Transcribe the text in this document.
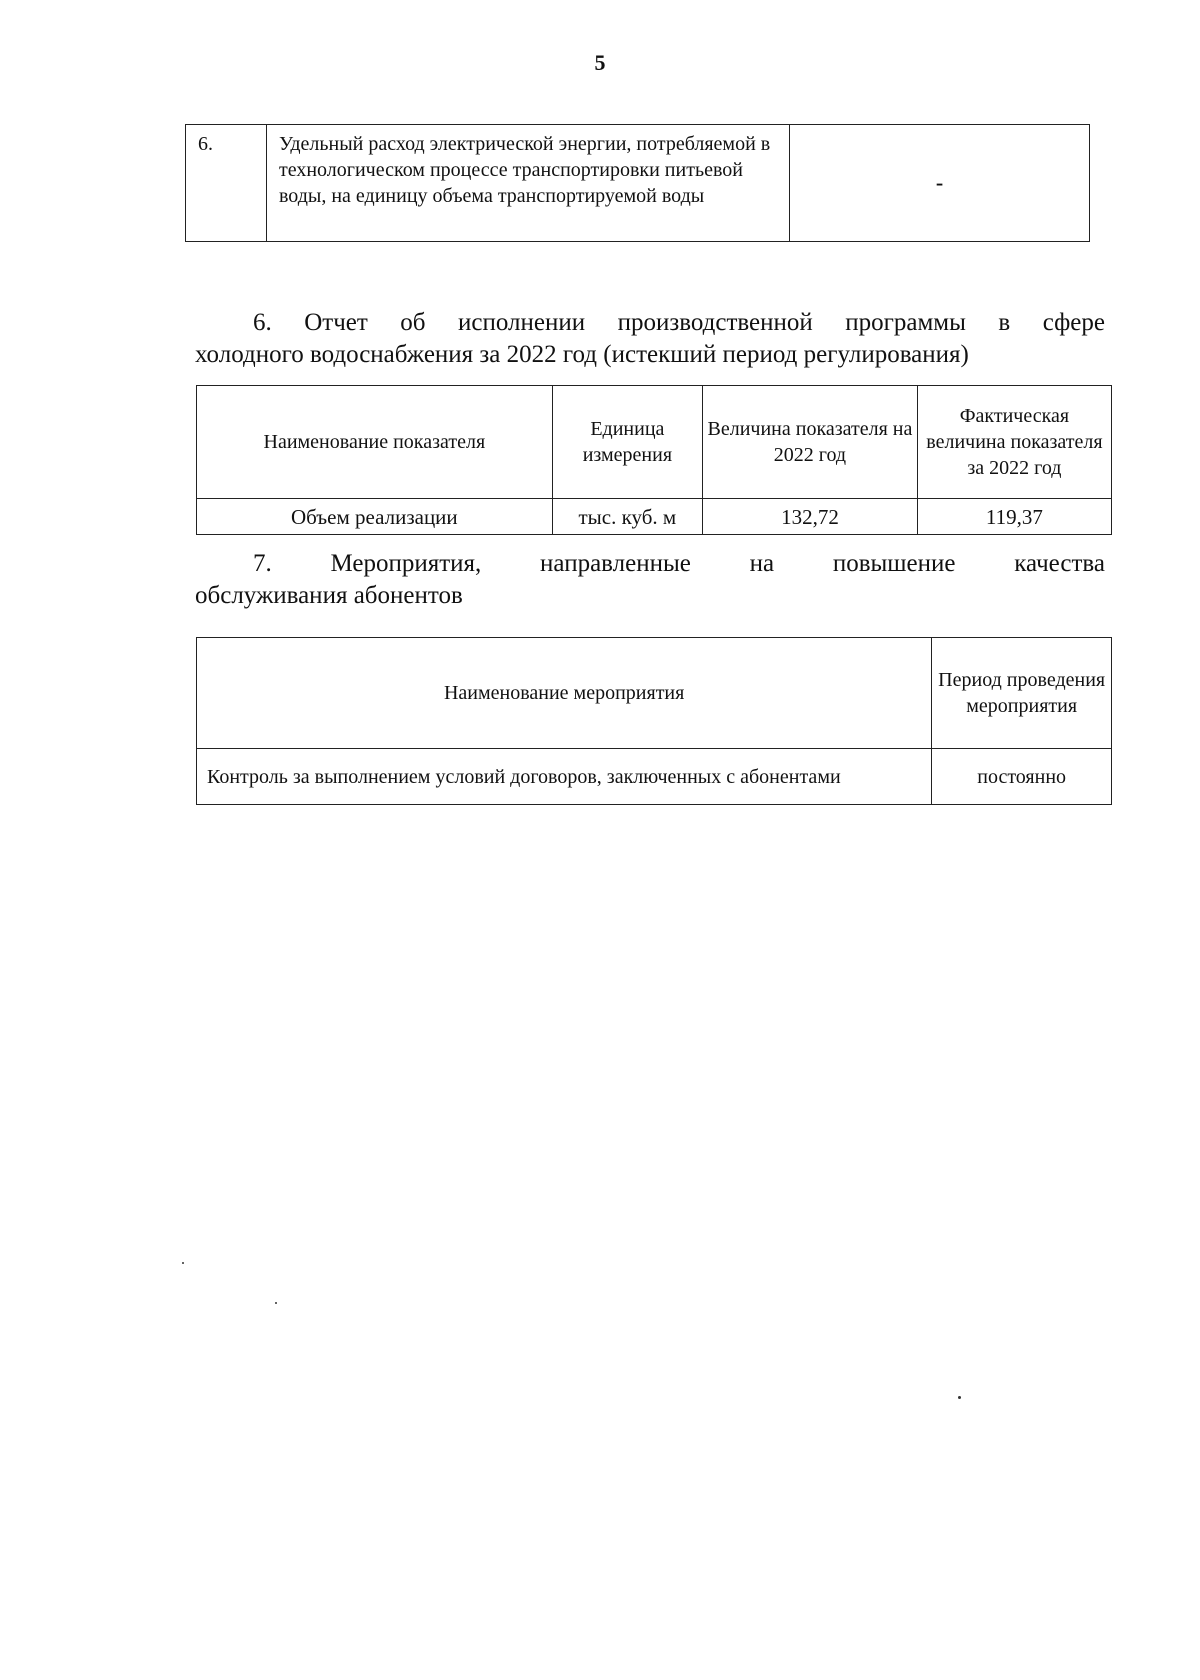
5
6.	Удельный расход электрической энергии, потребляемой в технологическом процессе транспортировки питьевой воды, на единицу объема транспортируемой воды	-
6. Отчет об исполнении производственной программы в сфере
холодного водоснабжения за 2022 год (истекший период регулирования)
Наименование показателя	Единица измерения	Величина показателя на 2022 год	Фактическая величина показателя за 2022 год
Объем реализации	тыс. куб. м	132,72	119,37
7. Мероприятия, направленные на повышение качества
обслуживания абонентов
Наименование мероприятия	Период проведения мероприятия
Контроль за выполнением условий договоров, заключенных с абонентами	постоянно
